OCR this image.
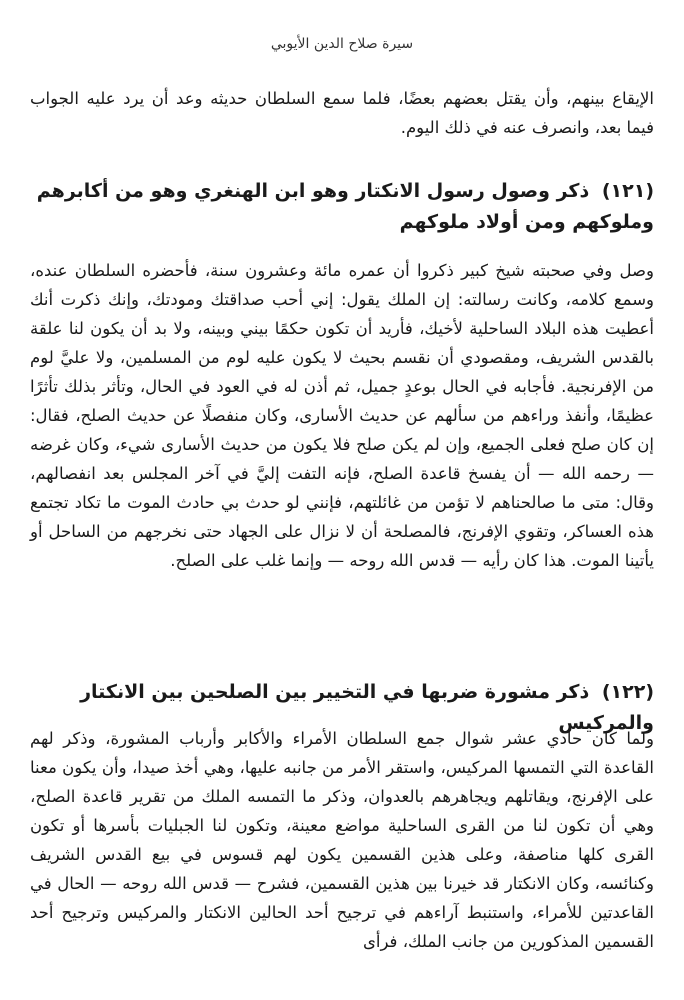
سيرة صلاح الدين الأيوبي

الإيقاع بينهم، وأن يقتل بعضهم بعضًا، فلما سمع السلطان حديثه وعد أن يرد عليه الجواب فيما بعد، وانصرف عنه في ذلك اليوم.

(١٢١) ذكر وصول رسول الانكتار وهو ابن الهنغري وهو من أكابرهم وملوكهم ومن أولاد ملوكهم

وصل وفي صحبته شيخ كبير ذكروا أن عمره مائة وعشرون سنة، فأحضره السلطان عنده، وسمع كلامه، وكانت رسالته: إن الملك يقول: إني أحب صداقتك ومودتك، وإنك ذكرت أنك أعطيت هذه البلاد الساحلية لأخيك، فأريد أن تكون حكمًا بيني وبينه، ولا بد أن يكون لنا علقة بالقدس الشريف، ومقصودي أن نقسم بحيث لا يكون عليه لوم من المسلمين، ولا عليَّ لوم من الإفرنجية. فأجابه في الحال بوعدٍ جميل، ثم أذن له في العود في الحال، وتأثر بذلك تأثرًا عظيمًا، وأنفذ وراءهم من سألهم عن حديث الأسارى، وكان منفصلًا عن حديث الصلح، فقال: إن كان صلح فعلى الجميع، وإن لم يكن صلح فلا يكون من حديث الأسارى شيء، وكان غرضه — رحمه الله — أن يفسخ قاعدة الصلح، فإنه التفت إليَّ في آخر المجلس بعد انفصالهم، وقال: متى ما صالحناهم لا تؤمن من غائلتهم، فإنني لو حدث بي حادث الموت ما تكاد تجتمع هذه العساكر، وتقوي الإفرنج، فالمصلحة أن لا نزال على الجهاد حتى نخرجهم من الساحل أو يأتينا الموت. هذا كان رأيه — قدس الله روحه — وإنما غلب على الصلح.

(١٢٢) ذكر مشورة ضربها في التخيير بين الصلحين بين الانكتار والمركيس

ولما كان حادي عشر شوال جمع السلطان الأمراء والأكابر وأرباب المشورة، وذكر لهم القاعدة التي التمسها المركيس، واستقر الأمر من جانبه عليها، وهي أخذ صيدا، وأن يكون معنا على الإفرنج، ويقاتلهم ويجاهرهم بالعدوان، وذكر ما التمسه الملك من تقرير قاعدة الصلح، وهي أن تكون لنا من القرى الساحلية مواضع معينة، وتكون لنا الجبليات بأسرها أو تكون القرى كلها مناصفة، وعلى هذين القسمين يكون لهم قسوس في بيع القدس الشريف وكنائسه، وكان الانكتار قد خيرنا بين هذين القسمين، فشرح — قدس الله روحه — الحال في القاعدتين للأمراء، واستنبط آراءهم في ترجيح أحد الحالين الانكتار والمركيس وترجيح أحد القسمين المذكورين من جانب الملك، فرأى
